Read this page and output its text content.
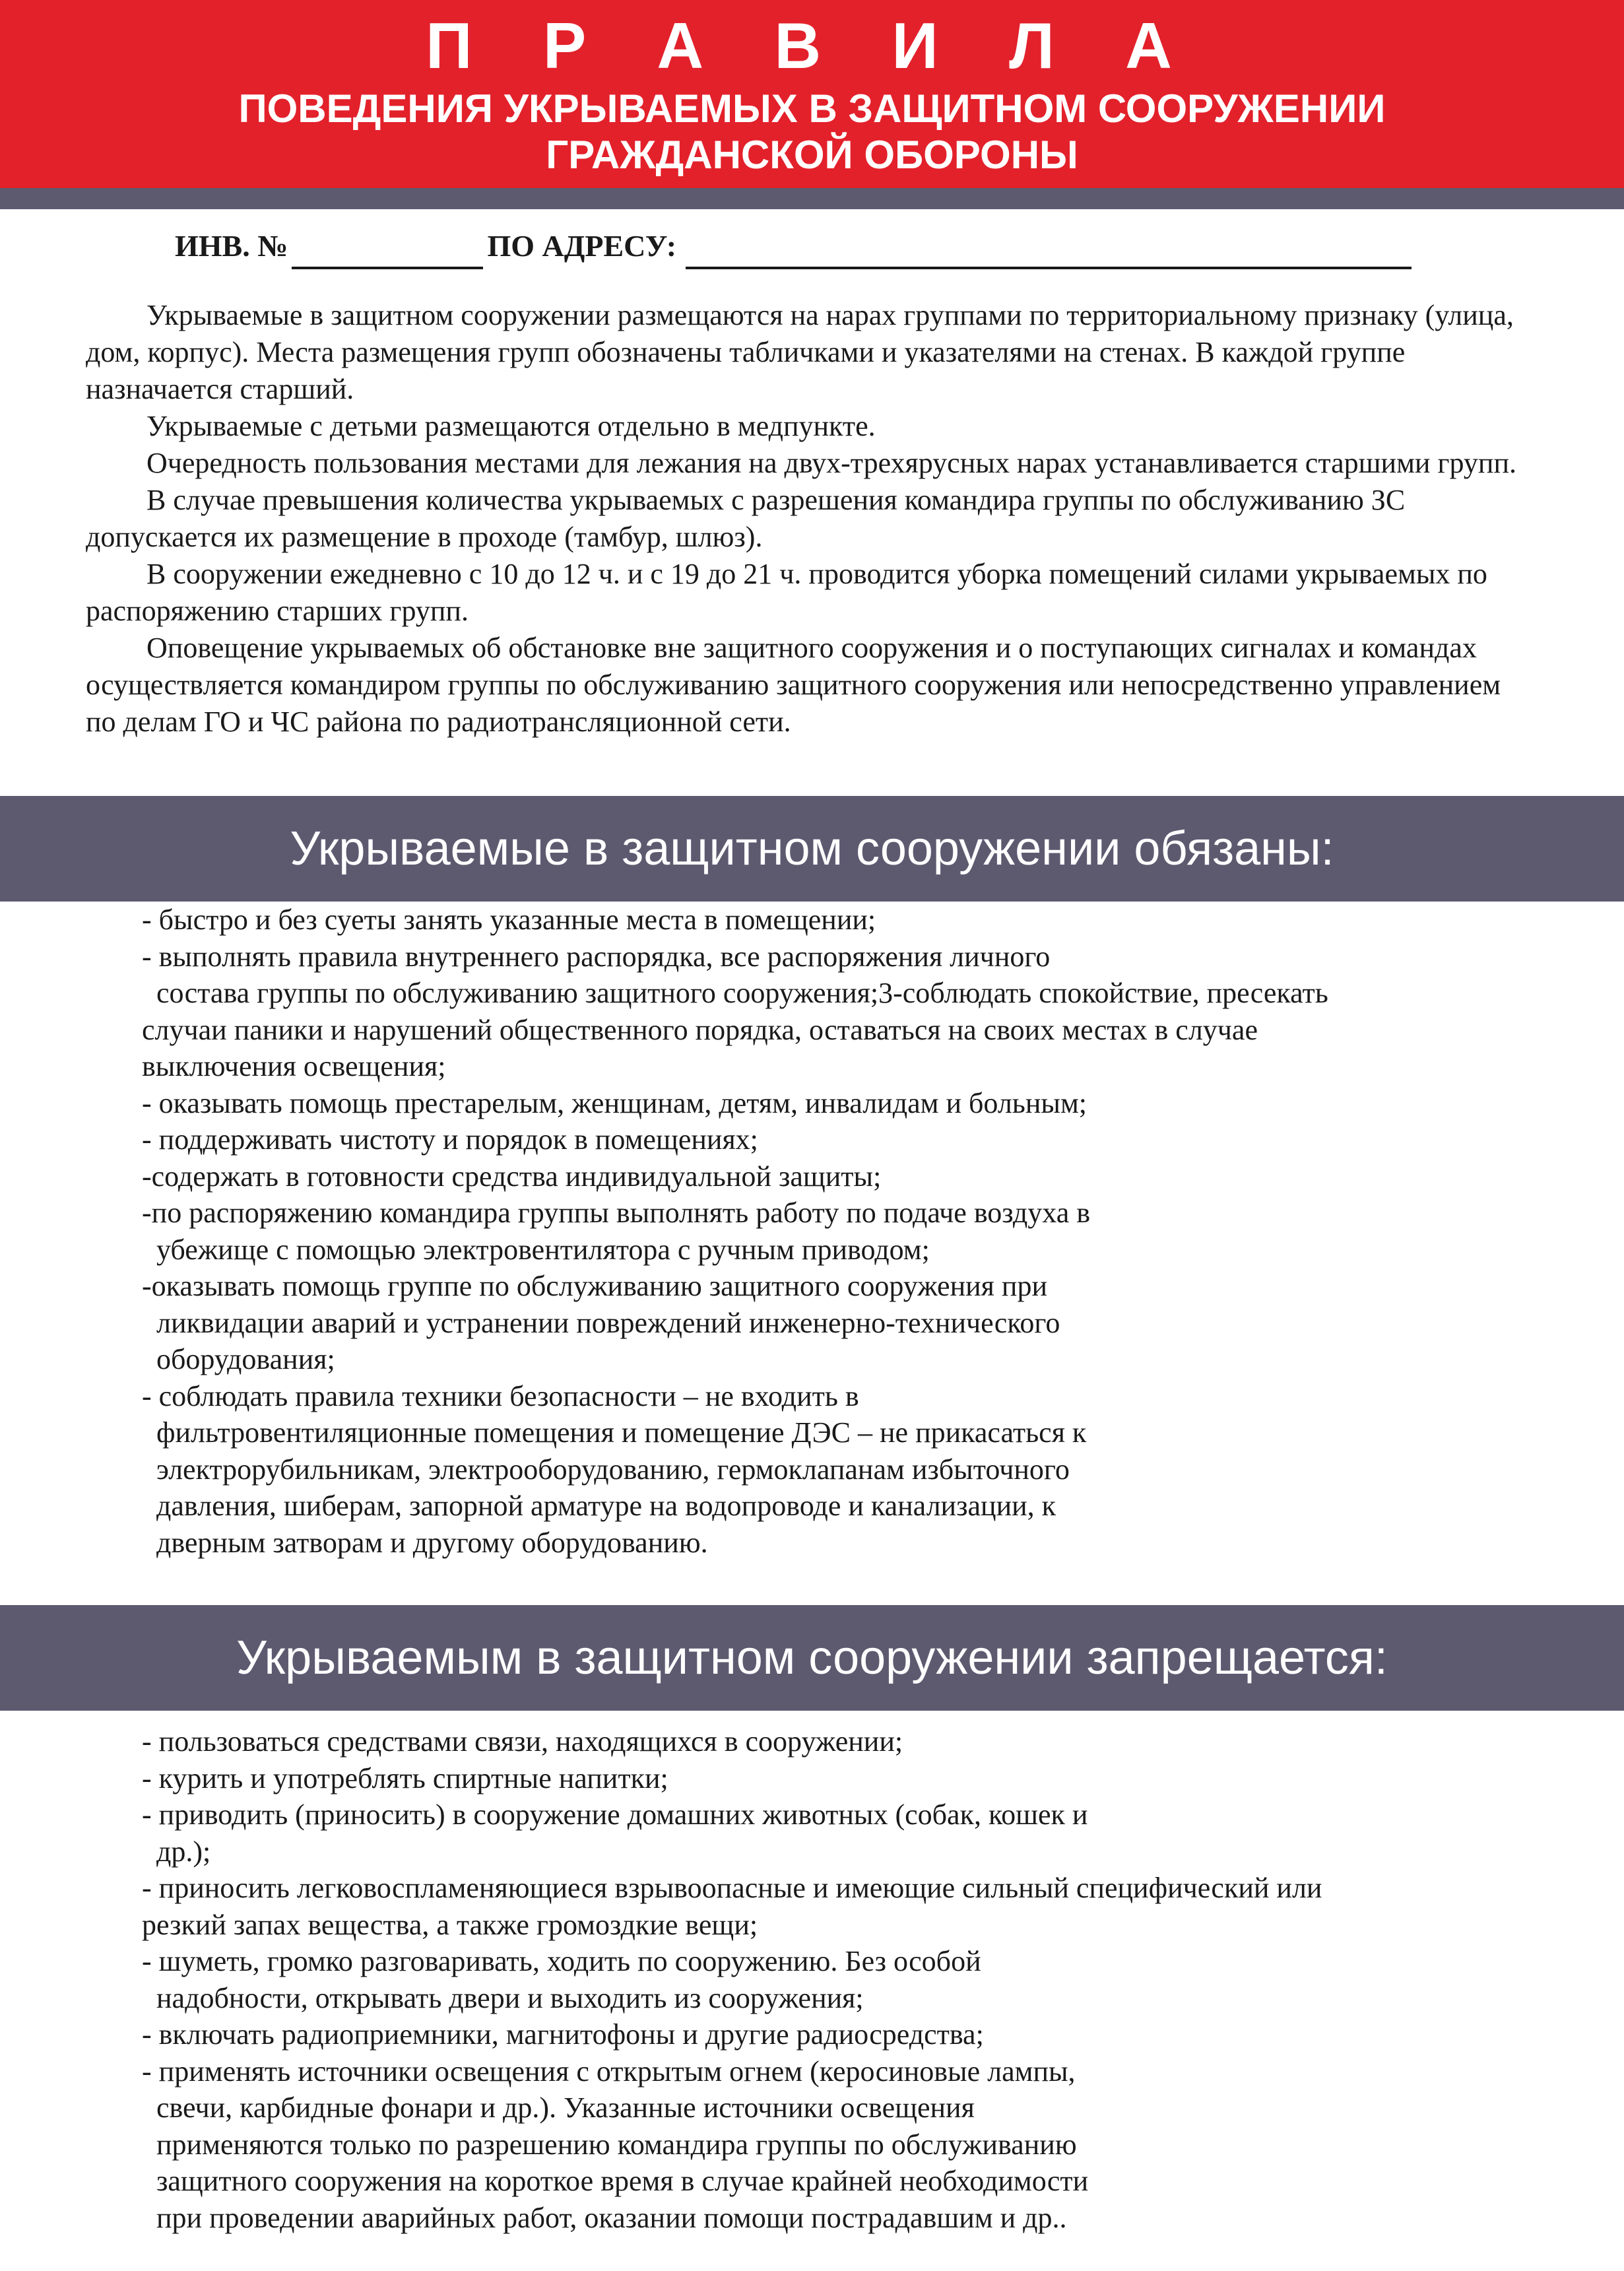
П Р А В И Л А
ПОВЕДЕНИЯ УКРЫВАЕМЫХ В ЗАЩИТНОМ СООРУЖЕНИИ
ГРАЖДАНСКОЙ ОБОРОНЫ
ИНВ. №	ПО АДРЕСУ:

Укрываемые в защитном сооружении размещаются на нарах группами по территориальному признаку (улица, дом, корпус). Места размещения групп обозначены табличками и указателями на стенах. В каждой группе назначается старший.

Укрываемые с детьми размещаются отдельно в медпункте.

Очередность пользования местами для лежания на двух-трехярусных нарах устанавливается старшими групп.

В случае превышения количества укрываемых с разрешения командира группы по обслуживанию ЗС допускается их размещение в проходе (тамбур, шлюз).

В сооружении ежедневно с 10 до 12 ч. и с 19 до 21 ч. проводится уборка помещений силами укрываемых по распоряжению старших групп.

Оповещение укрываемых об обстановке вне защитного сооружения и о поступающих сигналах и командах осуществляется командиром группы по обслуживанию защитного сооружения или непосредственно управлением по делам ГО и ЧС района по радиотрансляционной сети.

Укрываемые в защитном сооружении обязаны:
- быстро и без суеты занять указанные места в помещении;
- выполнять правила внутреннего распорядка, все распоряжения личного
состава группы по обслуживанию защитного сооружения;3-соблюдать спокойствие, пресекать
случаи паники и нарушений общественного порядка, оставаться на своих местах в случае
выключения освещения;
- оказывать помощь престарелым, женщинам, детям, инвалидам и больным;
- поддерживать чистоту и порядок в помещениях;
-содержать в готовности средства индивидуальной защиты;
-по распоряжению командира группы выполнять работу по подаче воздуха в
убежище с помощью электровентилятора с ручным приводом;
-оказывать помощь группе по обслуживанию защитного сооружения при
ликвидации аварий и устранении повреждений инженерно-технического
оборудования;
- соблюдать правила техники безопасности – не входить в
фильтровентиляционные помещения и помещение ДЭС – не прикасаться к
электрорубильникам, электрооборудованию, гермоклапанам избыточного
давления, шиберам, запорной арматуре на водопроводе и канализации, к
дверным затворам и другому оборудованию.
Укрываемым в защитном сооружении запрещается:
- пользоваться средствами связи, находящихся в сооружении;
- курить и употреблять спиртные напитки;
- приводить (приносить) в сооружение домашних животных (собак, кошек и
др.);
- приносить легковоспламеняющиеся взрывоопасные и имеющие сильный специфический или
резкий запах вещества, а также громоздкие вещи;
- шуметь, громко разговаривать, ходить по сооружению. Без особой
надобности, открывать двери и выходить из сооружения;
- включать радиоприемники, магнитофоны и другие радиосредства;
- применять источники освещения с открытым огнем (керосиновые лампы,
свечи, карбидные фонари и др.). Указанные источники освещения
применяются только по разрешению командира группы по обслуживанию
защитного сооружения на короткое время в случае крайней необходимости
при проведении аварийных работ, оказании помощи пострадавшим и др..
